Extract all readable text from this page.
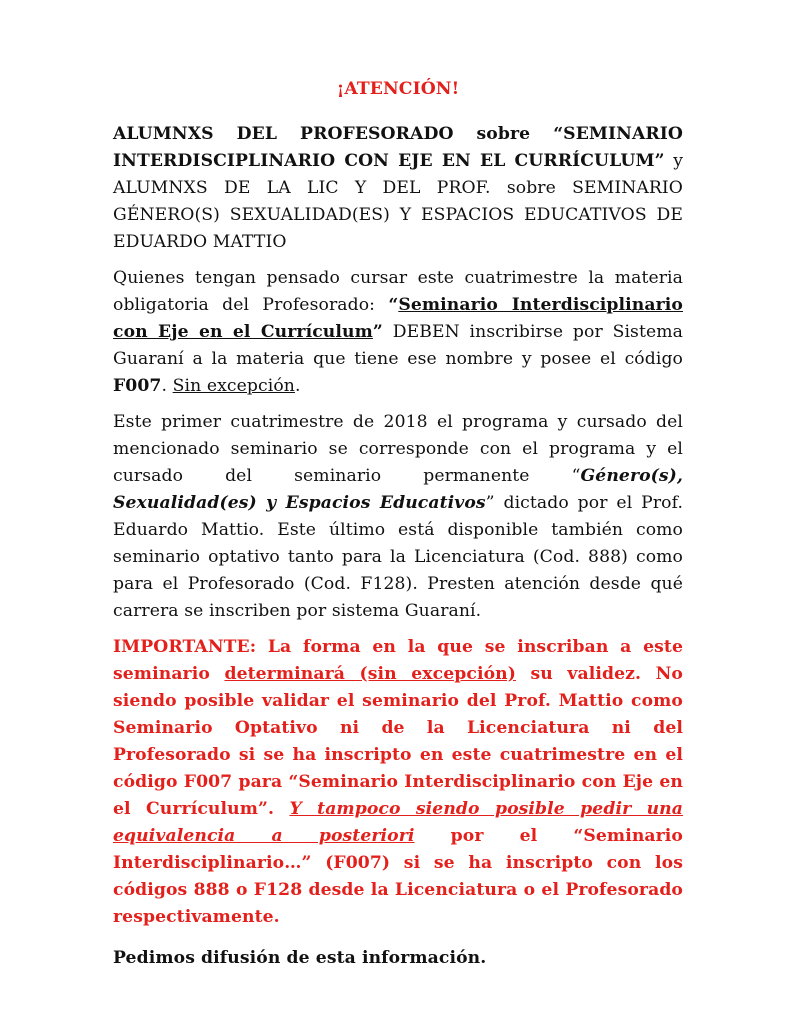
¡ATENCIÓN!

ALUMNXS DEL PROFESORADO sobre “SEMINARIO INTERDISCIPLINARIO CON EJE EN EL CURRÍCULUM” y ALUMNXS DE LA LIC Y DEL PROF. sobre SEMINARIO GÉNERO(S) SEXUALIDAD(ES) Y ESPACIOS EDUCATIVOS DE EDUARDO MATTIO

Quienes tengan pensado cursar este cuatrimestre la materia obligatoria del Profesorado: “Seminario Interdisciplinario con Eje en el Currículum” DEBEN inscribirse por Sistema Guaraní a la materia que tiene ese nombre y posee el código F007. Sin excepción.

Este primer cuatrimestre de 2018 el programa y cursado del mencionado seminario se corresponde con el programa y el cursado del seminario permanente “Género(s), Sexualidad(es) y Espacios Educativos” dictado por el Prof. Eduardo Mattio. Este último está disponible también como seminario optativo tanto para la Licenciatura (Cod. 888) como para el Profesorado (Cod. F128). Presten atención desde qué carrera se inscriben por sistema Guaraní.

IMPORTANTE: La forma en la que se inscriban a este seminario determinará (sin excepción) su validez. No siendo posible validar el seminario del Prof. Mattio como Seminario Optativo ni de la Licenciatura ni del Profesorado si se ha inscripto en este cuatrimestre en el código F007 para “Seminario Interdisciplinario con Eje en el Currículum”. Y tampoco siendo posible pedir una equivalencia a posteriori por el “Seminario Interdisciplinario…” (F007) si se ha inscripto con los códigos 888 o F128 desde la Licenciatura o el Profesorado respectivamente.

Pedimos difusión de esta información.
